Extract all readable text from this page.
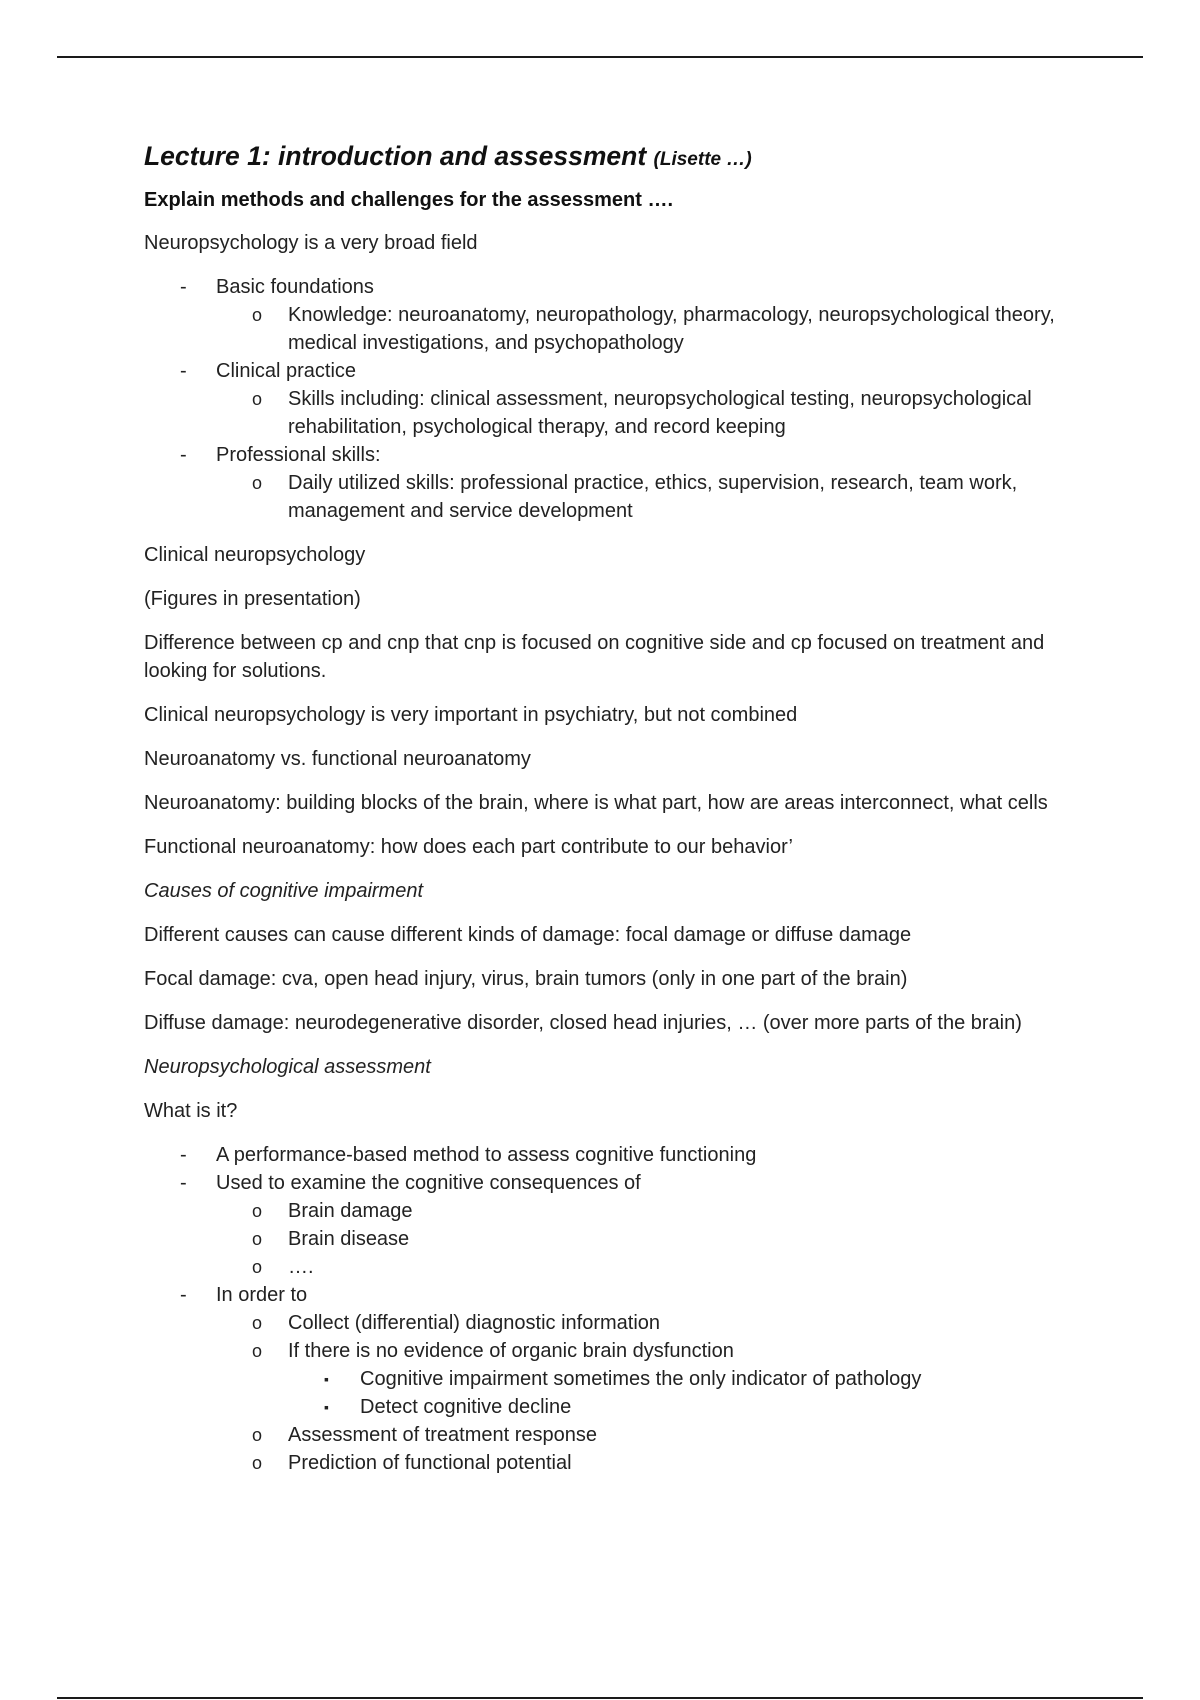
Lecture 1: introduction and assessment (Lisette …)
Explain methods and challenges for the assessment ….

Neuropsychology is a very broad field

- Basic foundations
o Knowledge: neuroanatomy, neuropathology, pharmacology, neuropsychological theory, medical investigations, and psychopathology
- Clinical practice
o Skills including: clinical assessment, neuropsychological testing, neuropsychological rehabilitation, psychological therapy, and record keeping
- Professional skills:
o Daily utilized skills: professional practice, ethics, supervision, research, team work, management and service development

Clinical neuropsychology

(Figures in presentation)

Difference between cp and cnp that cnp is focused on cognitive side and cp focused on treatment and looking for solutions.

Clinical neuropsychology is very important in psychiatry, but not combined

Neuroanatomy vs. functional neuroanatomy

Neuroanatomy: building blocks of the brain, where is what part, how are areas interconnect, what cells

Functional neuroanatomy: how does each part contribute to our behavior’

Causes of cognitive impairment

Different causes can cause different kinds of damage: focal damage or diffuse damage

Focal damage: cva, open head injury, virus, brain tumors (only in one part of the brain)

Diffuse damage: neurodegenerative disorder, closed head injuries, … (over more parts of the brain)

Neuropsychological assessment

What is it?

- A performance-based method to assess cognitive functioning
- Used to examine the cognitive consequences of
o Brain damage
o Brain disease
o ….
- In order to
o Collect (differential) diagnostic information
o If there is no evidence of organic brain dysfunction
▪ Cognitive impairment sometimes the only indicator of pathology
▪ Detect cognitive decline
o Assessment of treatment response
o Prediction of functional potential
